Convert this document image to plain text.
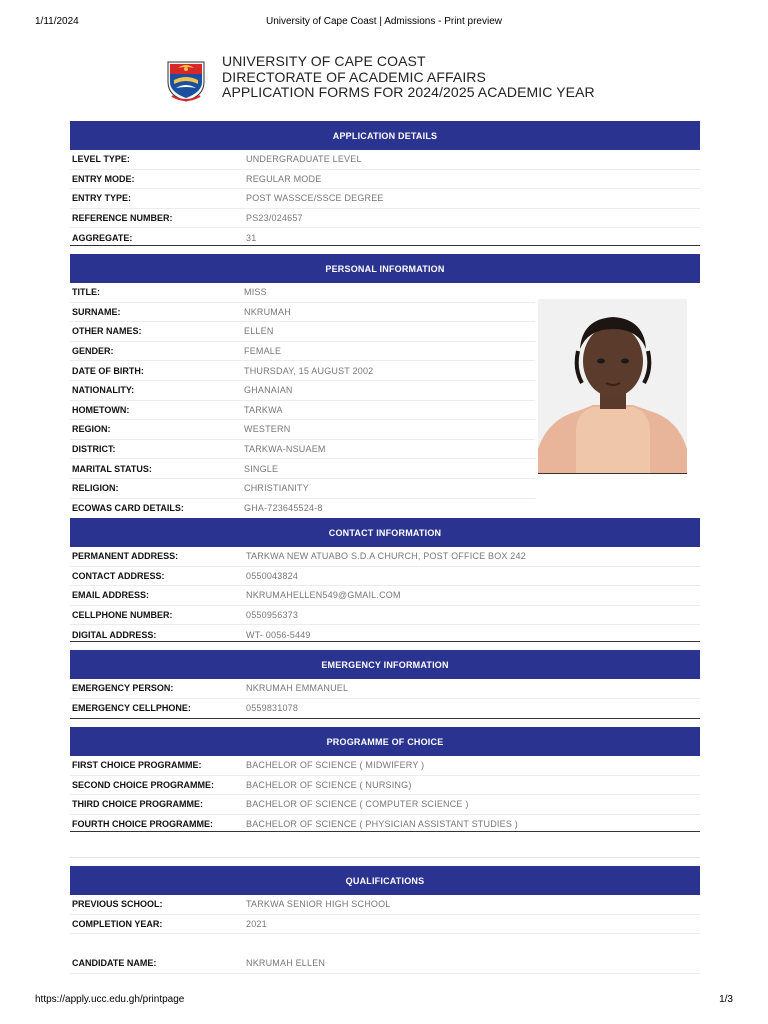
1/11/2024	University of Cape Coast | Admissions - Print preview
UNIVERSITY OF CAPE COAST
DIRECTORATE OF ACADEMIC AFFAIRS
APPLICATION FORMS FOR 2024/2025 ACADEMIC YEAR
APPLICATION DETAILS
LEVEL TYPE:	UNDERGRADUATE LEVEL
ENTRY MODE:	REGULAR MODE
ENTRY TYPE:	POST WASSCE/SSCE DEGREE
REFERENCE NUMBER:	PS23/024657
AGGREGATE:	31
PERSONAL INFORMATION
TITLE:	MISS
SURNAME:	NKRUMAH
OTHER NAMES:	ELLEN
GENDER:	FEMALE
DATE OF BIRTH:	THURSDAY, 15 AUGUST 2002
NATIONALITY:	GHANAIAN
HOMETOWN:	TARKWA
REGION:	WESTERN
DISTRICT:	TARKWA-NSUAEM
MARITAL STATUS:	SINGLE
RELIGION:	CHRISTIANITY
ECOWAS CARD DETAILS:	GHA-723645524-8
CONTACT INFORMATION
PERMANENT ADDRESS:	TARKWA NEW ATUABO S.D.A CHURCH, POST OFFICE BOX 242
CONTACT ADDRESS:	0550043824
EMAIL ADDRESS:	NKRUMAHELLEN549@GMAIL.COM
CELLPHONE NUMBER:	0550956373
DIGITAL ADDRESS:	WT- 0056-5449
EMERGENCY INFORMATION
EMERGENCY PERSON:	NKRUMAH EMMANUEL
EMERGENCY CELLPHONE:	0559831078
PROGRAMME OF CHOICE
FIRST CHOICE PROGRAMME:	BACHELOR OF SCIENCE ( MIDWIFERY )
SECOND CHOICE PROGRAMME:	BACHELOR OF SCIENCE ( NURSING)
THIRD CHOICE PROGRAMME:	BACHELOR OF SCIENCE ( COMPUTER SCIENCE )
FOURTH CHOICE PROGRAMME:	BACHELOR OF SCIENCE ( PHYSICIAN ASSISTANT STUDIES )
QUALIFICATIONS
PREVIOUS SCHOOL:	TARKWA SENIOR HIGH SCHOOL
COMPLETION YEAR:	2021
CANDIDATE NAME:	NKRUMAH ELLEN
https://apply.ucc.edu.gh/printpage	1/3
